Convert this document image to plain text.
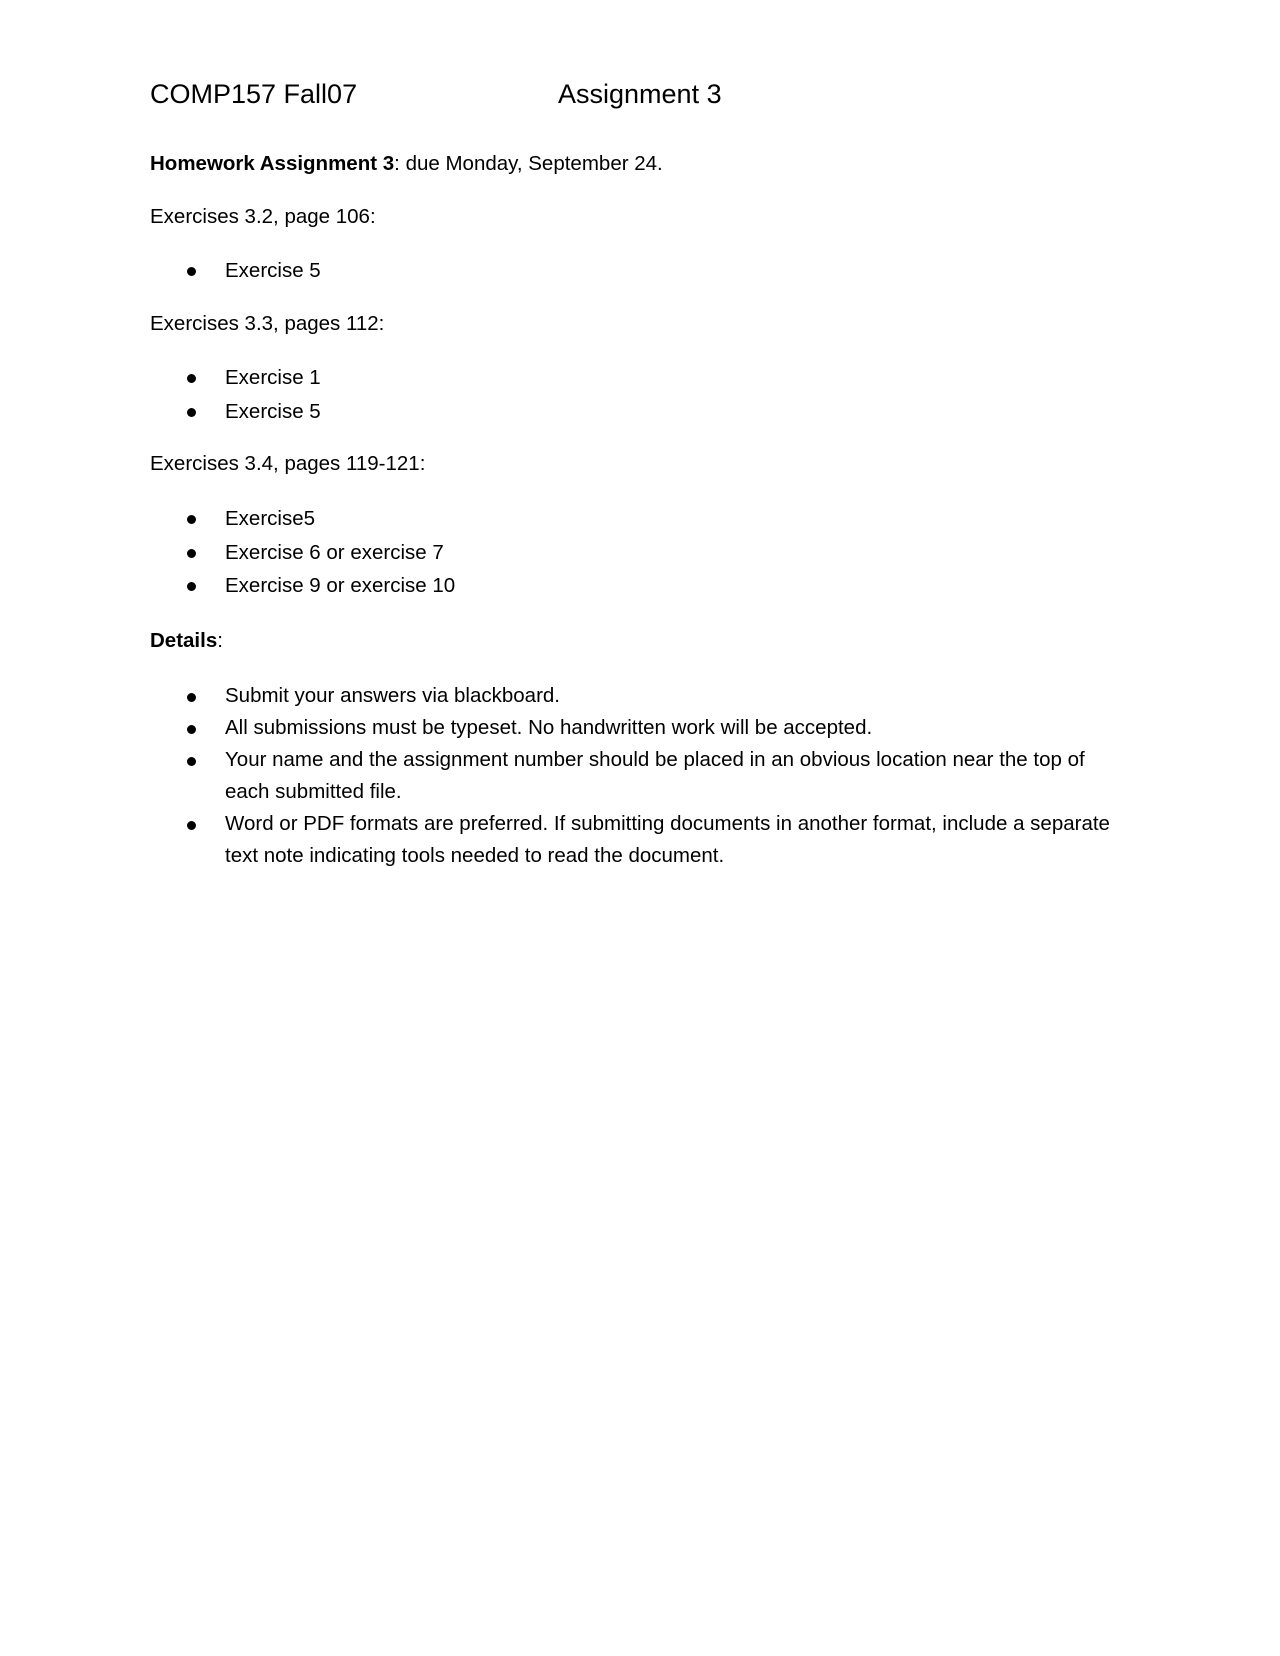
COMP157 Fall07	Assignment 3
Homework Assignment 3: due Monday, September 24.
Exercises 3.2, page 106:
Exercise 5
Exercises 3.3, pages 112:
Exercise 1
Exercise 5
Exercises 3.4, pages 119-121:
Exercise5
Exercise 6 or exercise 7
Exercise 9 or exercise 10
Details:
Submit your answers via blackboard.
All submissions must be typeset. No handwritten work will be accepted.
Your name and the assignment number should be placed in an obvious location near the top of each submitted file.
Word or PDF formats are preferred. If submitting documents in another format, include a separate text note indicating tools needed to read the document.
